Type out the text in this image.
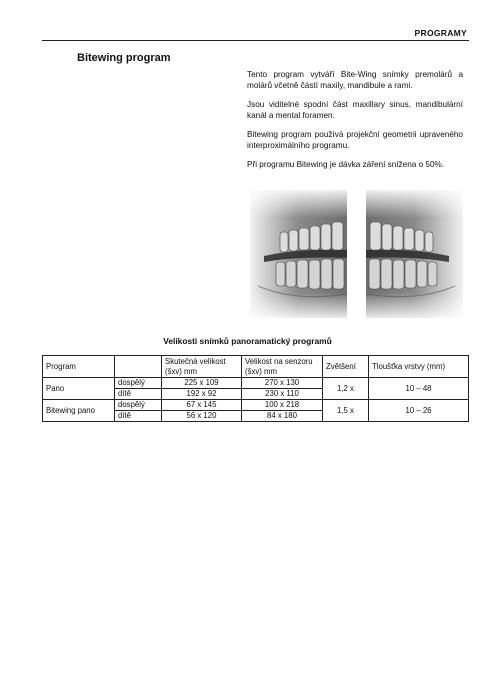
PROGRAMY
Bitewing program

Tento program vytváří Bite-Wing snímky premolárů a molárů včetně částí maxily, mandibule a rami.

Jsou viditelné spodní část maxillary sinus, mandibulární kanál a mental foramen.

Bitewing program používá projekční geometrii upraveného interproximálního programu.

Při programu Bitewing je dávka záření snížena o 50%.

Velikosti snímků panoramatický programů
Program		Skutečná velikost (šxv) mm	Velikost na senzoru (šxv) mm	Zvětšení	Tloušťka vrstvy (mm)
Pano	dospělý	225 x 109	270 x 130	1,2 x	10 – 48
	dítě	192 x 92	230 x 110		
Bitewing pano	dospělý	67 x 145	100 x 218	1,5 x	10 – 26
	dítě	56 x 120	84 x 180		
